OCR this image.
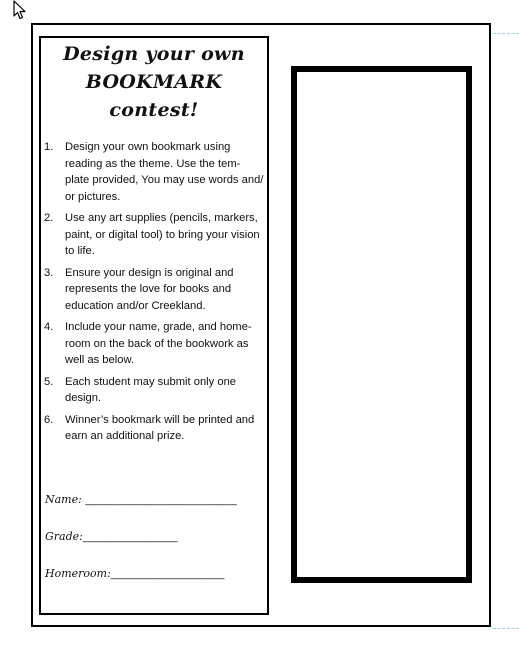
Design your own
BOOKMARK contest!
1. Design your own bookmark using reading as the theme. Use the tem- plate provided, You may use words and/ or pictures.
2. Use any art supplies (pencils, markers, paint, or digital tool) to bring your vision to life.
3. Ensure your design is original and represents the love for books and education and/or Creekland.
4. Include your name, grade, and home- room on the back of the bookwork as well as below.
5. Each student may submit only one design.
6. Winner’s bookmark will be printed and earn an additional prize.
Name: ________________________
Grade:_______________
Homeroom:__________________
